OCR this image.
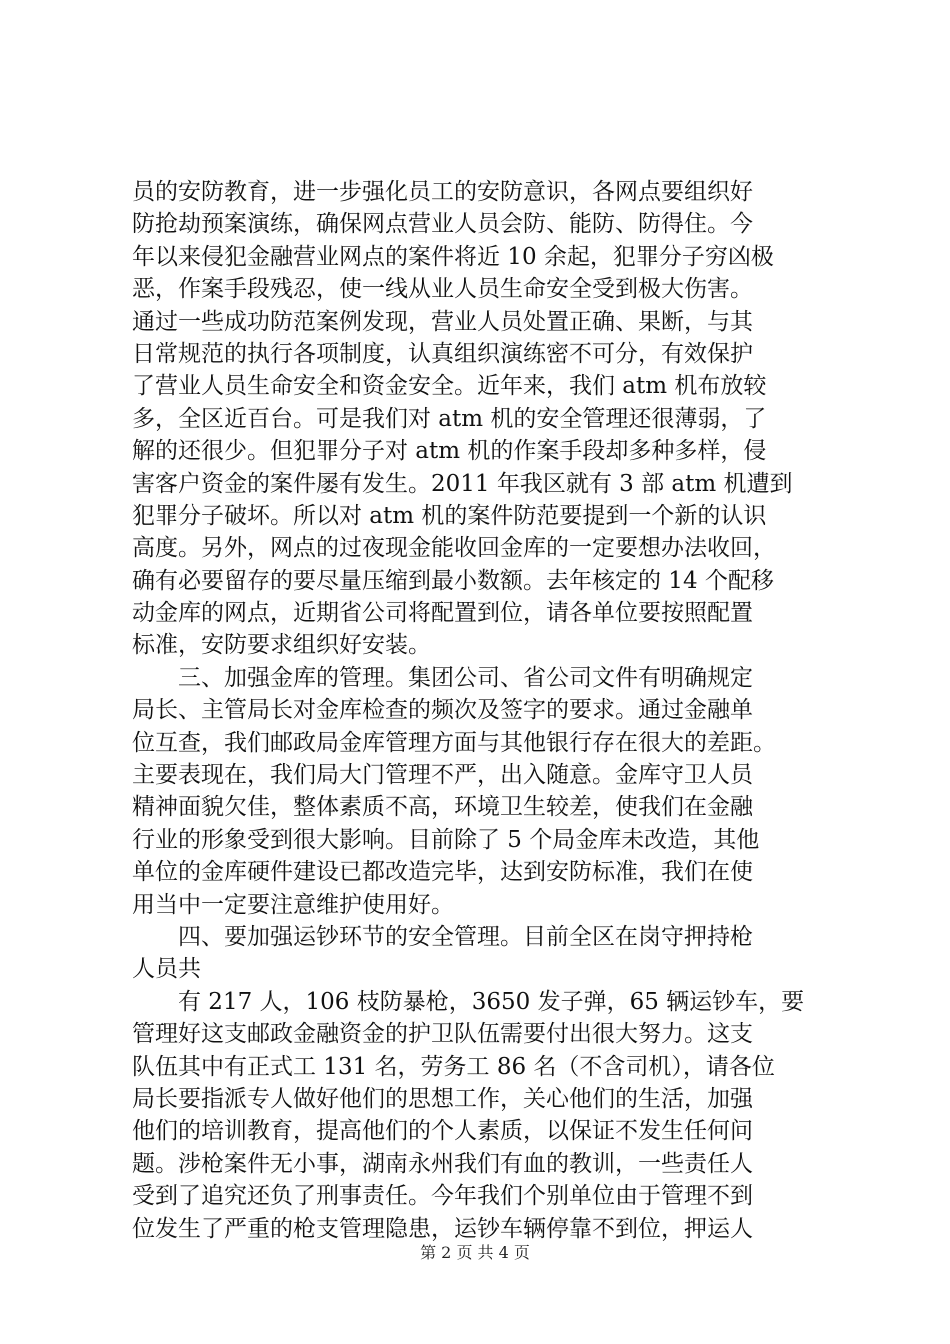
员的安防教育，进一步强化员工的安防意识，各网点要组织好
防抢劫预案演练，确保网点营业人员会防、能防、防得住。今
年以来侵犯金融营业网点的案件将近 10 余起，犯罪分子穷凶极
恶，作案手段残忍，使一线从业人员生命安全受到极大伤害。
通过一些成功防范案例发现，营业人员处置正确、果断，与其
日常规范的执行各项制度，认真组织演练密不可分，有效保护
了营业人员生命安全和资金安全。近年来，我们 atm 机布放较
多，全区近百台。可是我们对 atm 机的安全管理还很薄弱，了
解的还很少。但犯罪分子对 atm 机的作案手段却多种多样，侵
害客户资金的案件屡有发生。2011 年我区就有 3 部 atm 机遭到
犯罪分子破坏。所以对 atm 机的案件防范要提到一个新的认识
高度。另外，网点的过夜现金能收回金库的一定要想办法收回，
确有必要留存的要尽量压缩到最小数额。去年核定的 14 个配移
动金库的网点，近期省公司将配置到位，请各单位要按照配置
标准，安防要求组织好安装。
三、加强金库的管理。集团公司、省公司文件有明确规定
局长、主管局长对金库检查的频次及签字的要求。通过金融单
位互查，我们邮政局金库管理方面与其他银行存在很大的差距。
主要表现在，我们局大门管理不严，出入随意。金库守卫人员
精神面貌欠佳，整体素质不高，环境卫生较差，使我们在金融
行业的形象受到很大影响。目前除了 5 个局金库未改造，其他
单位的金库硬件建设已都改造完毕，达到安防标准，我们在使
用当中一定要注意维护使用好。
四、要加强运钞环节的安全管理。目前全区在岗守押持枪
人员共
有 217 人，106 枝防暴枪，3650 发子弹，65 辆运钞车，要
管理好这支邮政金融资金的护卫队伍需要付出很大努力。这支
队伍其中有正式工 131 名，劳务工 86 名（不含司机），请各位
局长要指派专人做好他们的思想工作，关心他们的生活，加强
他们的培训教育，提高他们的个人素质，以保证不发生任何问
题。涉枪案件无小事，湖南永州我们有血的教训，一些责任人
受到了追究还负了刑事责任。今年我们个别单位由于管理不到
位发生了严重的枪支管理隐患，运钞车辆停靠不到位，押运人
第 2 页 共 4 页
